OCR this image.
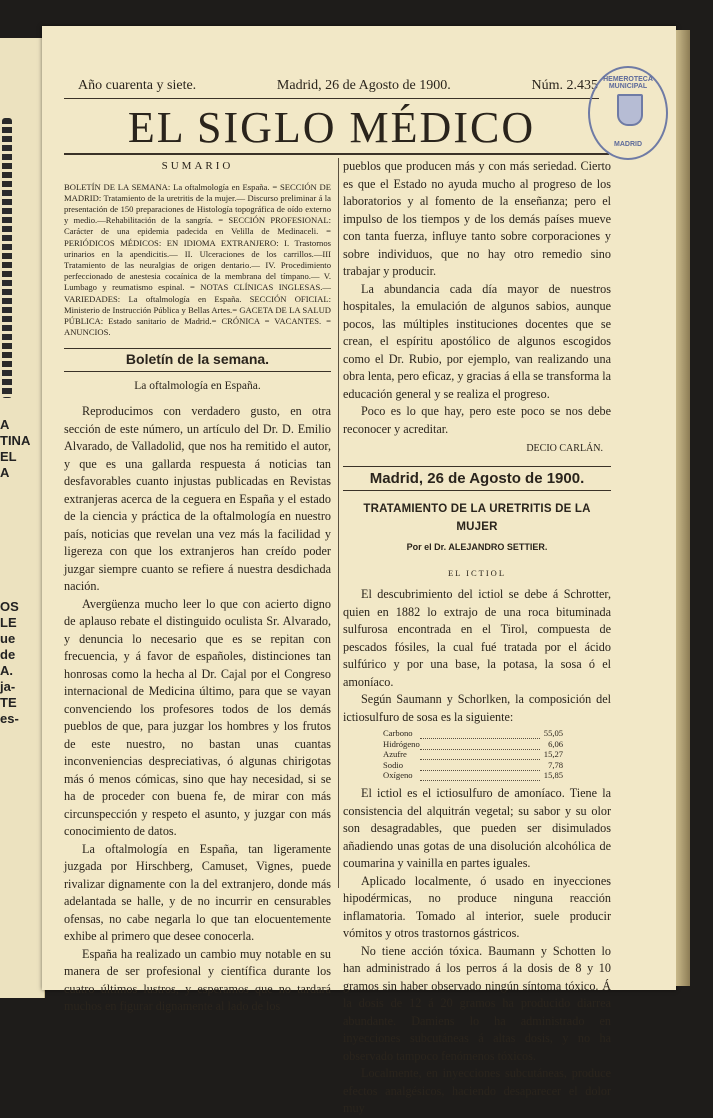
A
TINA
EL
A
OS
LE
ue
de
A.
ja-
TE
es-
Año cuarenta y siete.	Madrid, 26 de Agosto de 1900.	Núm. 2.435
EL SIGLO MÉDICO
HEMEROTECA MUNICIPAL
MADRID
SUMARIO

BOLETÍN DE LA SEMANA: La oftalmología en España. = SECCIÓN DE MADRID: Tratamiento de la uretritis de la mujer.— Discurso preliminar á la presentación de 150 preparaciones de Histología topográfica de oído externo y medio.—Rehabilitación de la sangría. = SECCIÓN PROFESIONAL: Carácter de una epidemia padecida en Velilla de Medinaceli. = PERIÓDICOS MÉDICOS: EN IDIOMA EXTRANJERO: I. Trastornos urinarios en la apendicitis.— II. Ulceraciones de los carrillos.—III Tratamiento de las neuralgias de origen dentario.— IV. Procedimiento perfeccionado de anestesia cocaínica de la membrana del tímpano.— V. Lumbago y reumatismo espinal. = NOTAS CLÍNICAS INGLESAS.—VARIEDADES: La oftalmología en España. SECCIÓN OFICIAL: Ministerio de Instrucción Pública y Bellas Artes.= GACETA DE LA SALUD PÚBLICA: Estado sanitario de Madrid.= CRÓNICA = VACANTES. = ANUNCIOS.

Boletín de la semana.
La oftalmología en España.

Reproducimos con verdadero gusto, en otra sección de este número, un artículo del Dr. D. Emilio Alvarado, de Valladolid, que nos ha remitido el autor, y que es una gallarda respuesta á noticias tan desfavorables cuanto injustas publicadas en Revistas extranjeras acerca de la ceguera en España y el estado de la ciencia y práctica de la oftalmología en nuestro país, noticias que revelan una vez más la facilidad y ligereza con que los extranjeros han creído poder juzgar siempre cuanto se refiere á nuestra desdichada nación.

Avergüenza mucho leer lo que con acierto digno de aplauso rebate el distinguido oculista Sr. Alvarado, y denuncia lo necesario que es se repitan con frecuencia, y á favor de españoles, distinciones tan honrosas como la hecha al Dr. Cajal por el Congreso internacional de Medicina último, para que se vayan convenciendo los profesores todos de los demás pueblos de que, para juzgar los hombres y los frutos de este nuestro, no bastan unas cuantas inconveniencias despreciativas, ó algunas chirigotas más ó menos cómicas, sino que hay necesidad, si se ha de proceder con buena fe, de mirar con más circunspección y respeto el asunto, y juzgar con más conocimiento de datos.

La oftalmología en España, tan ligeramente juzgada por Hirschberg, Camuset, Vignes, puede rivalizar dignamente con la del extranjero, donde más adelantada se halle, y de no incurrir en censurables ofensas, no cabe negarla lo que tan elocuentemente exhibe al primero que desee conocerla.

España ha realizado un cambio muy notable en su manera de ser profesional y científica durante los cuatro últimos lustros, y esperamos que no tardará muchos en figurar dignamente al lado de los

pueblos que producen más y con más seriedad. Cierto es que el Estado no ayuda mucho al progreso de los laboratorios y al fomento de la enseñanza; pero el impulso de los tiempos y de los demás países mueve con tanta fuerza, influye tanto sobre corporaciones y sobre individuos, que no hay otro remedio sino trabajar y producir.

La abundancia cada día mayor de nuestros hospitales, la emulación de algunos sabios, aunque pocos, las múltiples instituciones docentes que se crean, el espíritu apostólico de algunos escogidos como el Dr. Rubio, por ejemplo, van realizando una obra lenta, pero eficaz, y gracias á ella se transforma la educación general y se realiza el progreso.

Poco es lo que hay, pero este poco se nos debe reconocer y acreditar.

DECIO CARLÁN.
Madrid, 26 de Agosto de 1900.
TRATAMIENTO DE LA URETRITIS DE LA MUJER
Por el Dr. ALEJANDRO SETTIER.
EL ICTIOL

El descubrimiento del ictiol se debe á Schrotter, quien en 1882 lo extrajo de una roca bituminada sulfurosa encontrada en el Tirol, compuesta de pescados fósiles, la cual fué tratada por el ácido sulfúrico y por una base, la potasa, la sosa ó el amoníaco.

Según Saumann y Schorlken, la composición del ictiosulfuro de sosa es la siguiente:

Carbono		55,05
Hidrógeno		6,06
Azufre		15,27
Sodio		7,78
Oxígeno		15,85

El ictiol es el ictiosulfuro de amoníaco. Tiene la consistencia del alquitrán vegetal; su sabor y su olor son desagradables, que pueden ser disimulados añadiendo unas gotas de una disolución alcohólica de coumarina y vainilla en partes iguales.

Aplicado localmente, ó usado en inyecciones hipodérmicas, no produce ninguna reacción inflamatoria. Tomado al interior, suele producir vómitos y otros trastornos gástricos.

No tiene acción tóxica. Baumann y Schotten lo han administrado á los perros á la dosis de 8 y 10 gramos sin haber observado ningún síntoma tóxico. Á la dosis de 12 á 20 gramos ha producido diarrea abundante. Damiens lo ha administrado en inyecciones subcutáneas á altas dosis, y no ha observado tampoco fenómenos tóxicos.

Localmente, en inyecciones subcutáneas, produce efectos analgésicos, haciendo desaparecer el dolor muy
